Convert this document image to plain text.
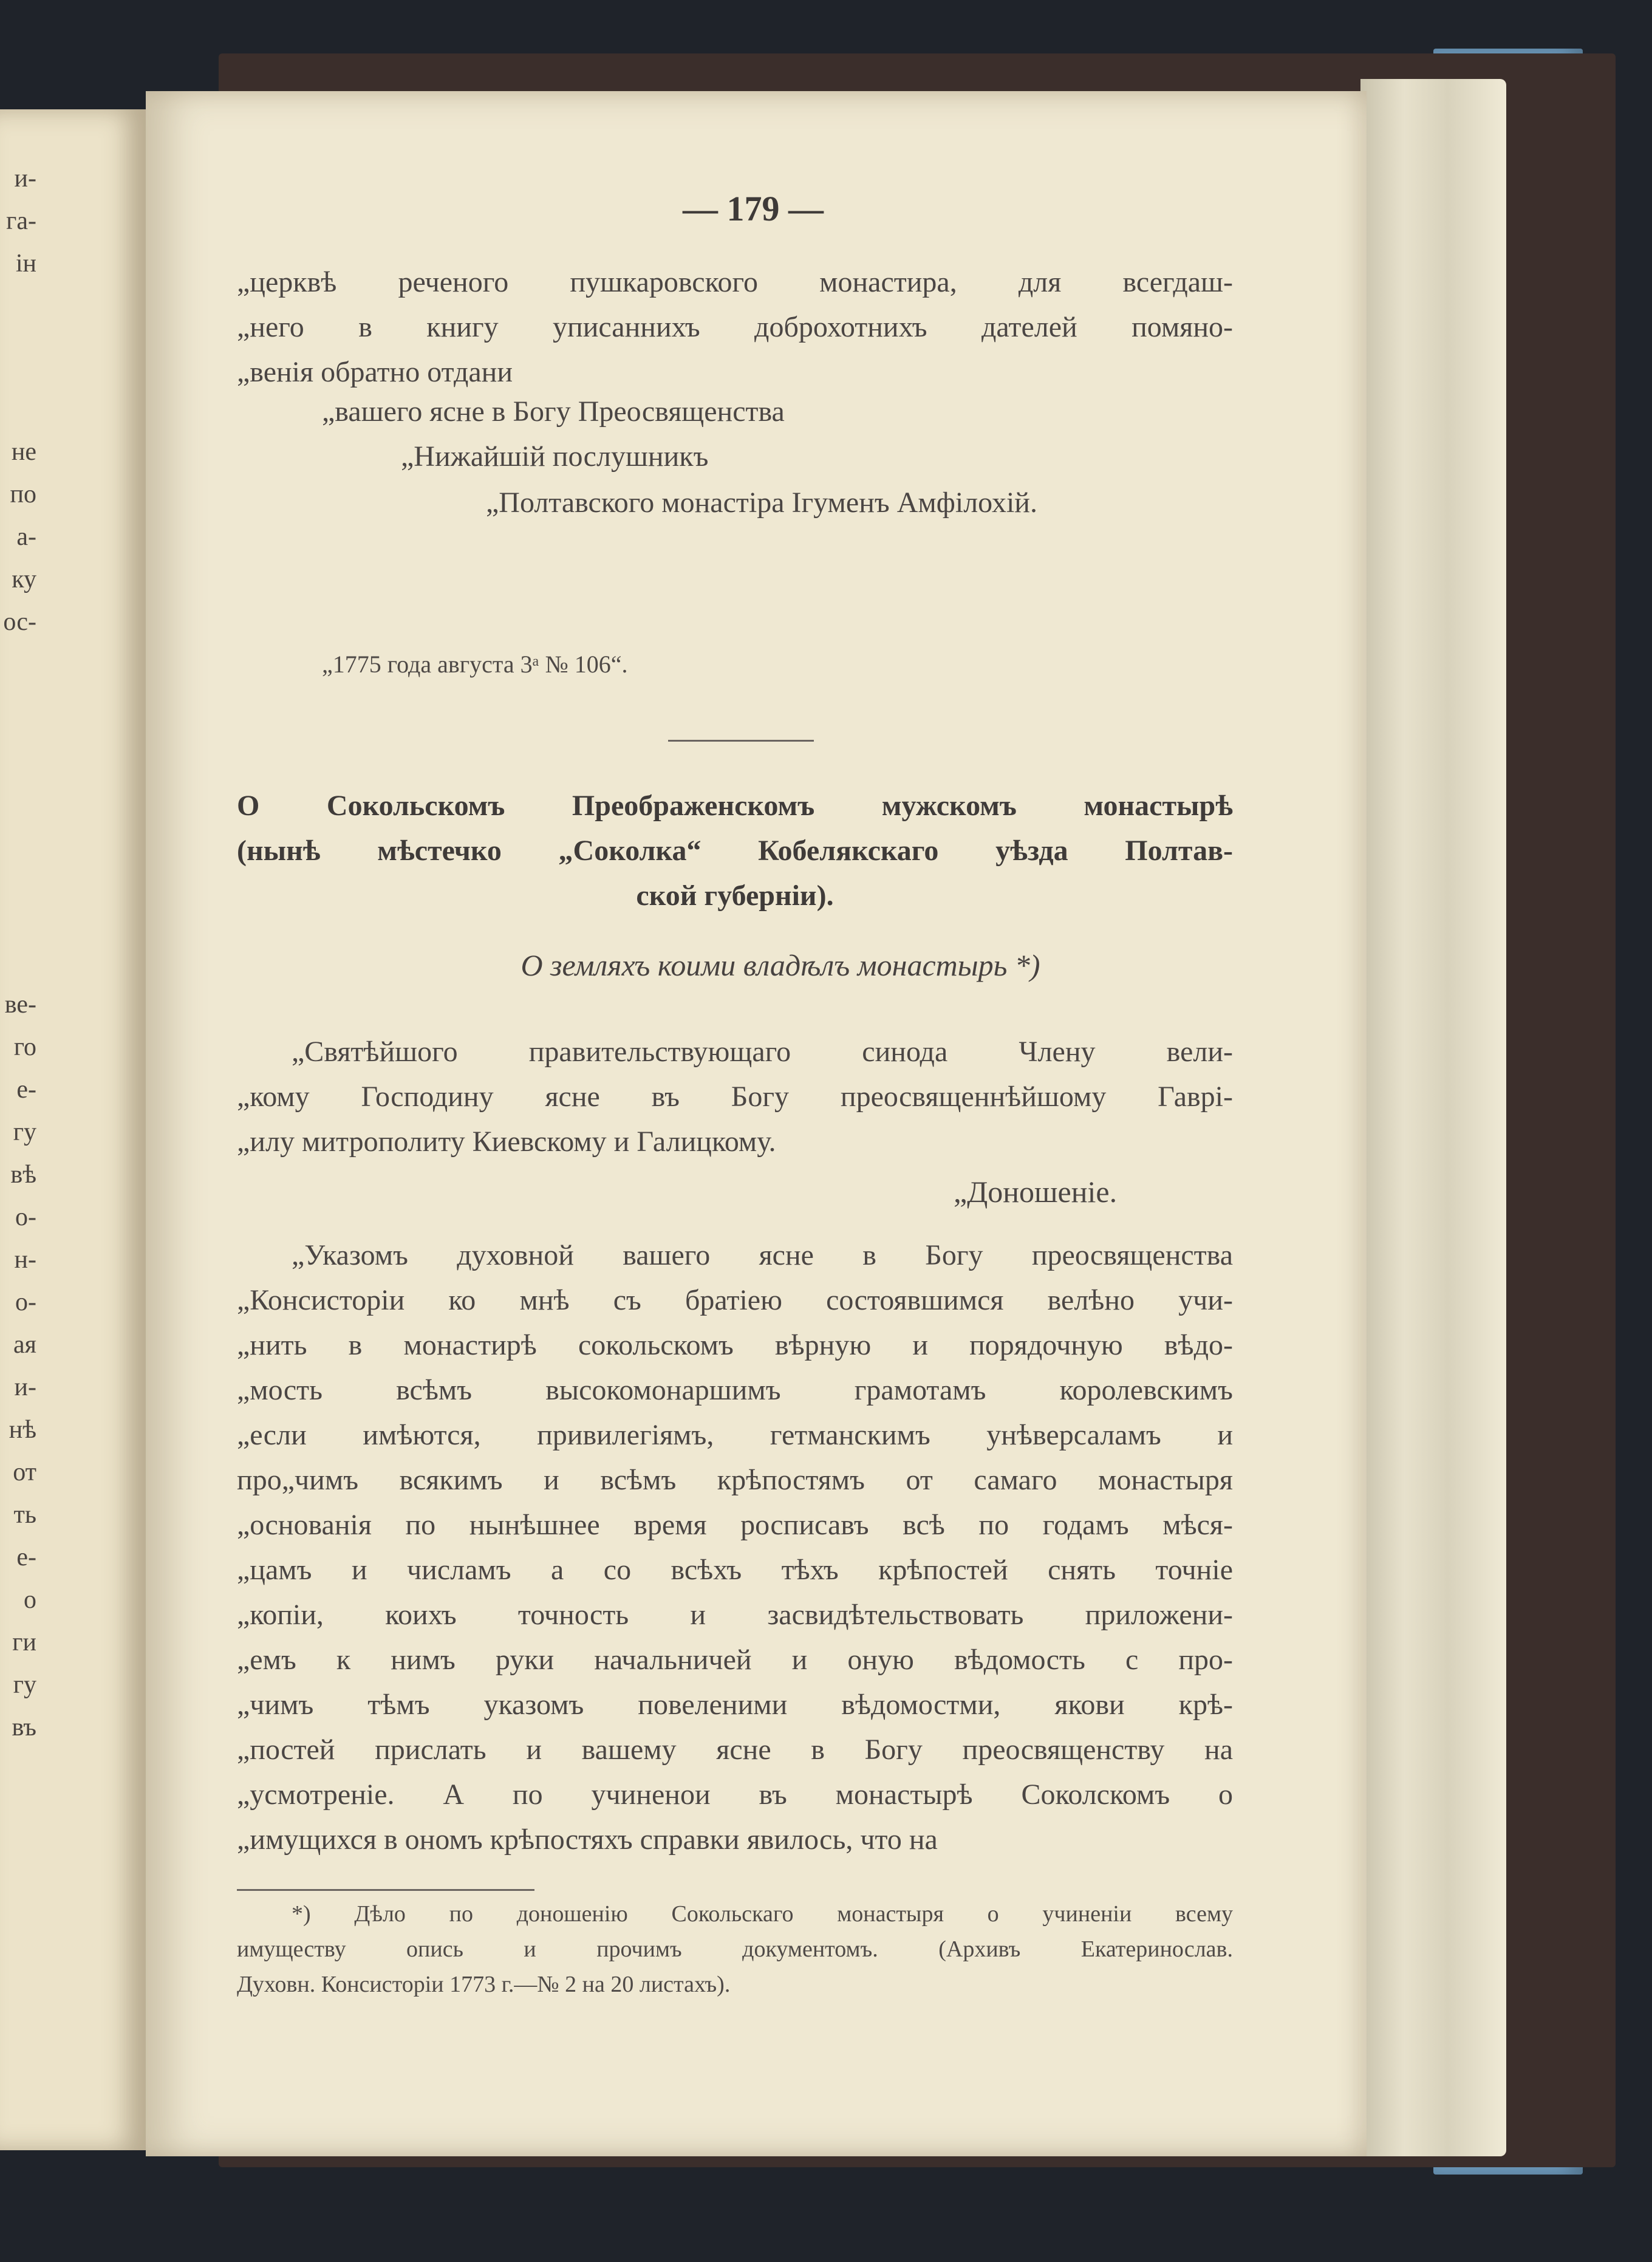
и-
га-
ін
не
по
а-
ку
ос-
ве-
го
е-
гу
вѣ
о-
н-
о-
ая
и-
нѣ
от
ть
е-
о
ги
гу
въ
— 179 —
„церквѣ реченого пушкаровского монастира, для всегдаш-
„него в книгу уписаннихъ доброхотнихъ дателей помяно-
„венія обратно отдани
„вашего ясне в Богу Преосвященства
„Нижайшій послушникъ
„Полтавского монастіра Ігуменъ Амфілохій.
„1775 года августа 3ᵃ № 106“.
О Сокольскомъ Преображенскомъ мужскомъ монастырѣ
(нынѣ мѣстечко „Соколка“ Кобелякскаго уѣзда Полтав-
ской губерніи).
О земляхъ коими владѣлъ монастырь *)
„Святѣйшого правительствующаго синода Члену вели-
„кому Господину ясне въ Богу преосвященнѣйшому Гаврі-
„илу митрополиту Киевскому и Галицкому.
„Доношеніе.
„Указомъ духовной вашего ясне в Богу преосвященства
„Консисторіи ко мнѣ съ братіею состоявшимся велѣно учи-
„нить в монастирѣ сокольскомъ вѣрную и порядочную вѣдо-
„мость всѣмъ высокомонаршимъ грамотамъ королевскимъ
„если имѣются, привилегіямъ, гетманскимъ унѣверсаламъ и
про„чимъ всякимъ и всѣмъ крѣпостямъ от самаго монастыря
„основанія по нынѣшнее время росписавъ всѣ по годамъ мѣся-
„цамъ и числамъ а со всѣхъ тѣхъ крѣпостей снять точніе
„копіи, коихъ точность и засвидѣтельствовать приложени-
„емъ к нимъ руки начальничей и оную вѣдомость с про-
„чимъ тѣмъ указомъ повеленими вѣдомостми, якови крѣ-
„постей прислать и вашему ясне в Богу преосвященству на
„усмотреніе. А по учиненои въ монастырѣ Соколскомъ о
„имущихся в ономъ крѣпостяхъ справки явилось, что на
*) Дѣло по доношенію Сокольскаго монастыря о учиненіи всему
имуществу опись и прочимъ документомъ. (Архивъ Екатеринослав.
Духовн. Консисторіи 1773 г.—№ 2 на 20 листахъ).
